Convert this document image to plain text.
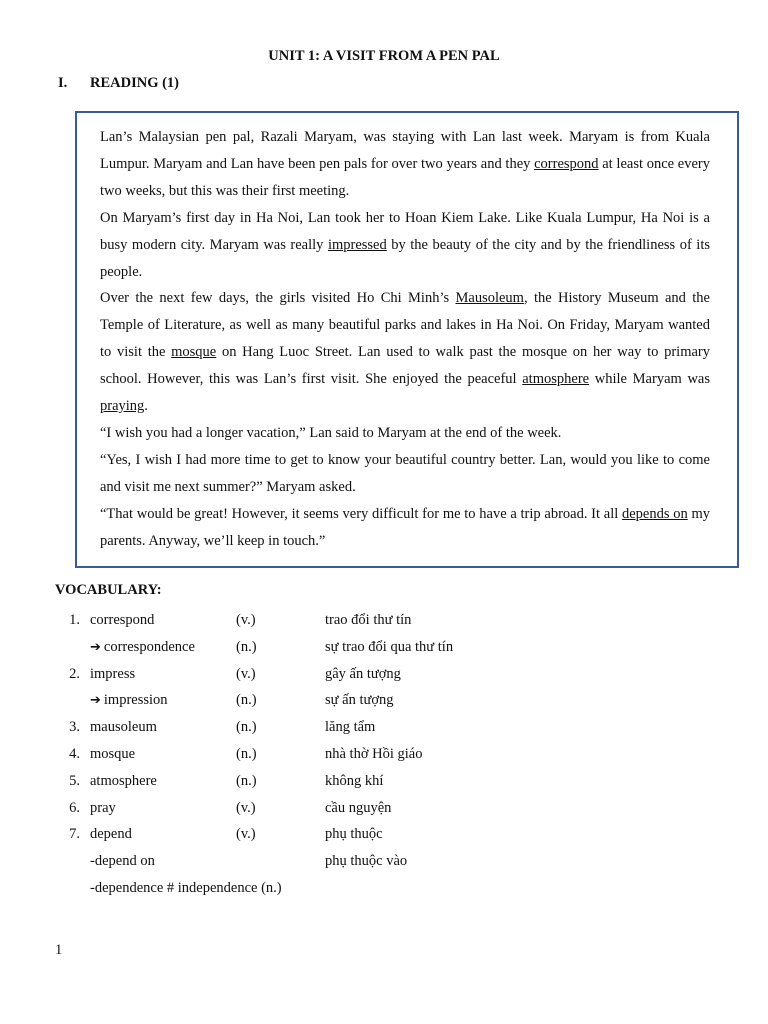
UNIT 1: A VISIT FROM A PEN PAL
I. READING (1)

Lan’s Malaysian pen pal, Razali Maryam, was staying with Lan last week. Maryam is from Kuala Lumpur. Maryam and Lan have been pen pals for over two years and they correspond at least once every two weeks, but this was their first meeting.

On Maryam’s first day in Ha Noi, Lan took her to Hoan Kiem Lake. Like Kuala Lumpur, Ha Noi is a busy modern city. Maryam was really impressed by the beauty of the city and by the friendliness of its people.

Over the next few days, the girls visited Ho Chi Minh’s Mausoleum, the History Museum and the Temple of Literature, as well as many beautiful parks and lakes in Ha Noi. On Friday, Maryam wanted to visit the mosque on Hang Luoc Street. Lan used to walk past the mosque on her way to primary school. However, this was Lan’s first visit. She enjoyed the peaceful atmosphere while Maryam was praying.

“I wish you had a longer vacation,” Lan said to Maryam at the end of the week.

“Yes, I wish I had more time to get to know your beautiful country better. Lan, would you like to come and visit me next summer?” Maryam asked.

“That would be great! However, it seems very difficult for me to have a trip abroad. It all depends on my parents. Anyway, we’ll keep in touch.”

VOCABULARY:
1. correspond	(v.)	trao đổi thư tín
➔ correspondence	(n.)	sự trao đổi qua thư tín
2. impress	(v.)	gây ấn tượng
➔ impression	(n.)	sự ấn tượng
3. mausoleum	(n.)	lăng tẩm
4. mosque	(n.)	nhà thờ Hồi giáo
5. atmosphere	(n.)	không khí
6. pray	(v.)	cầu nguyện
7. depend	(v.)	phụ thuộc
-depend on	phụ thuộc vào
-dependence # independence (n.)
1
